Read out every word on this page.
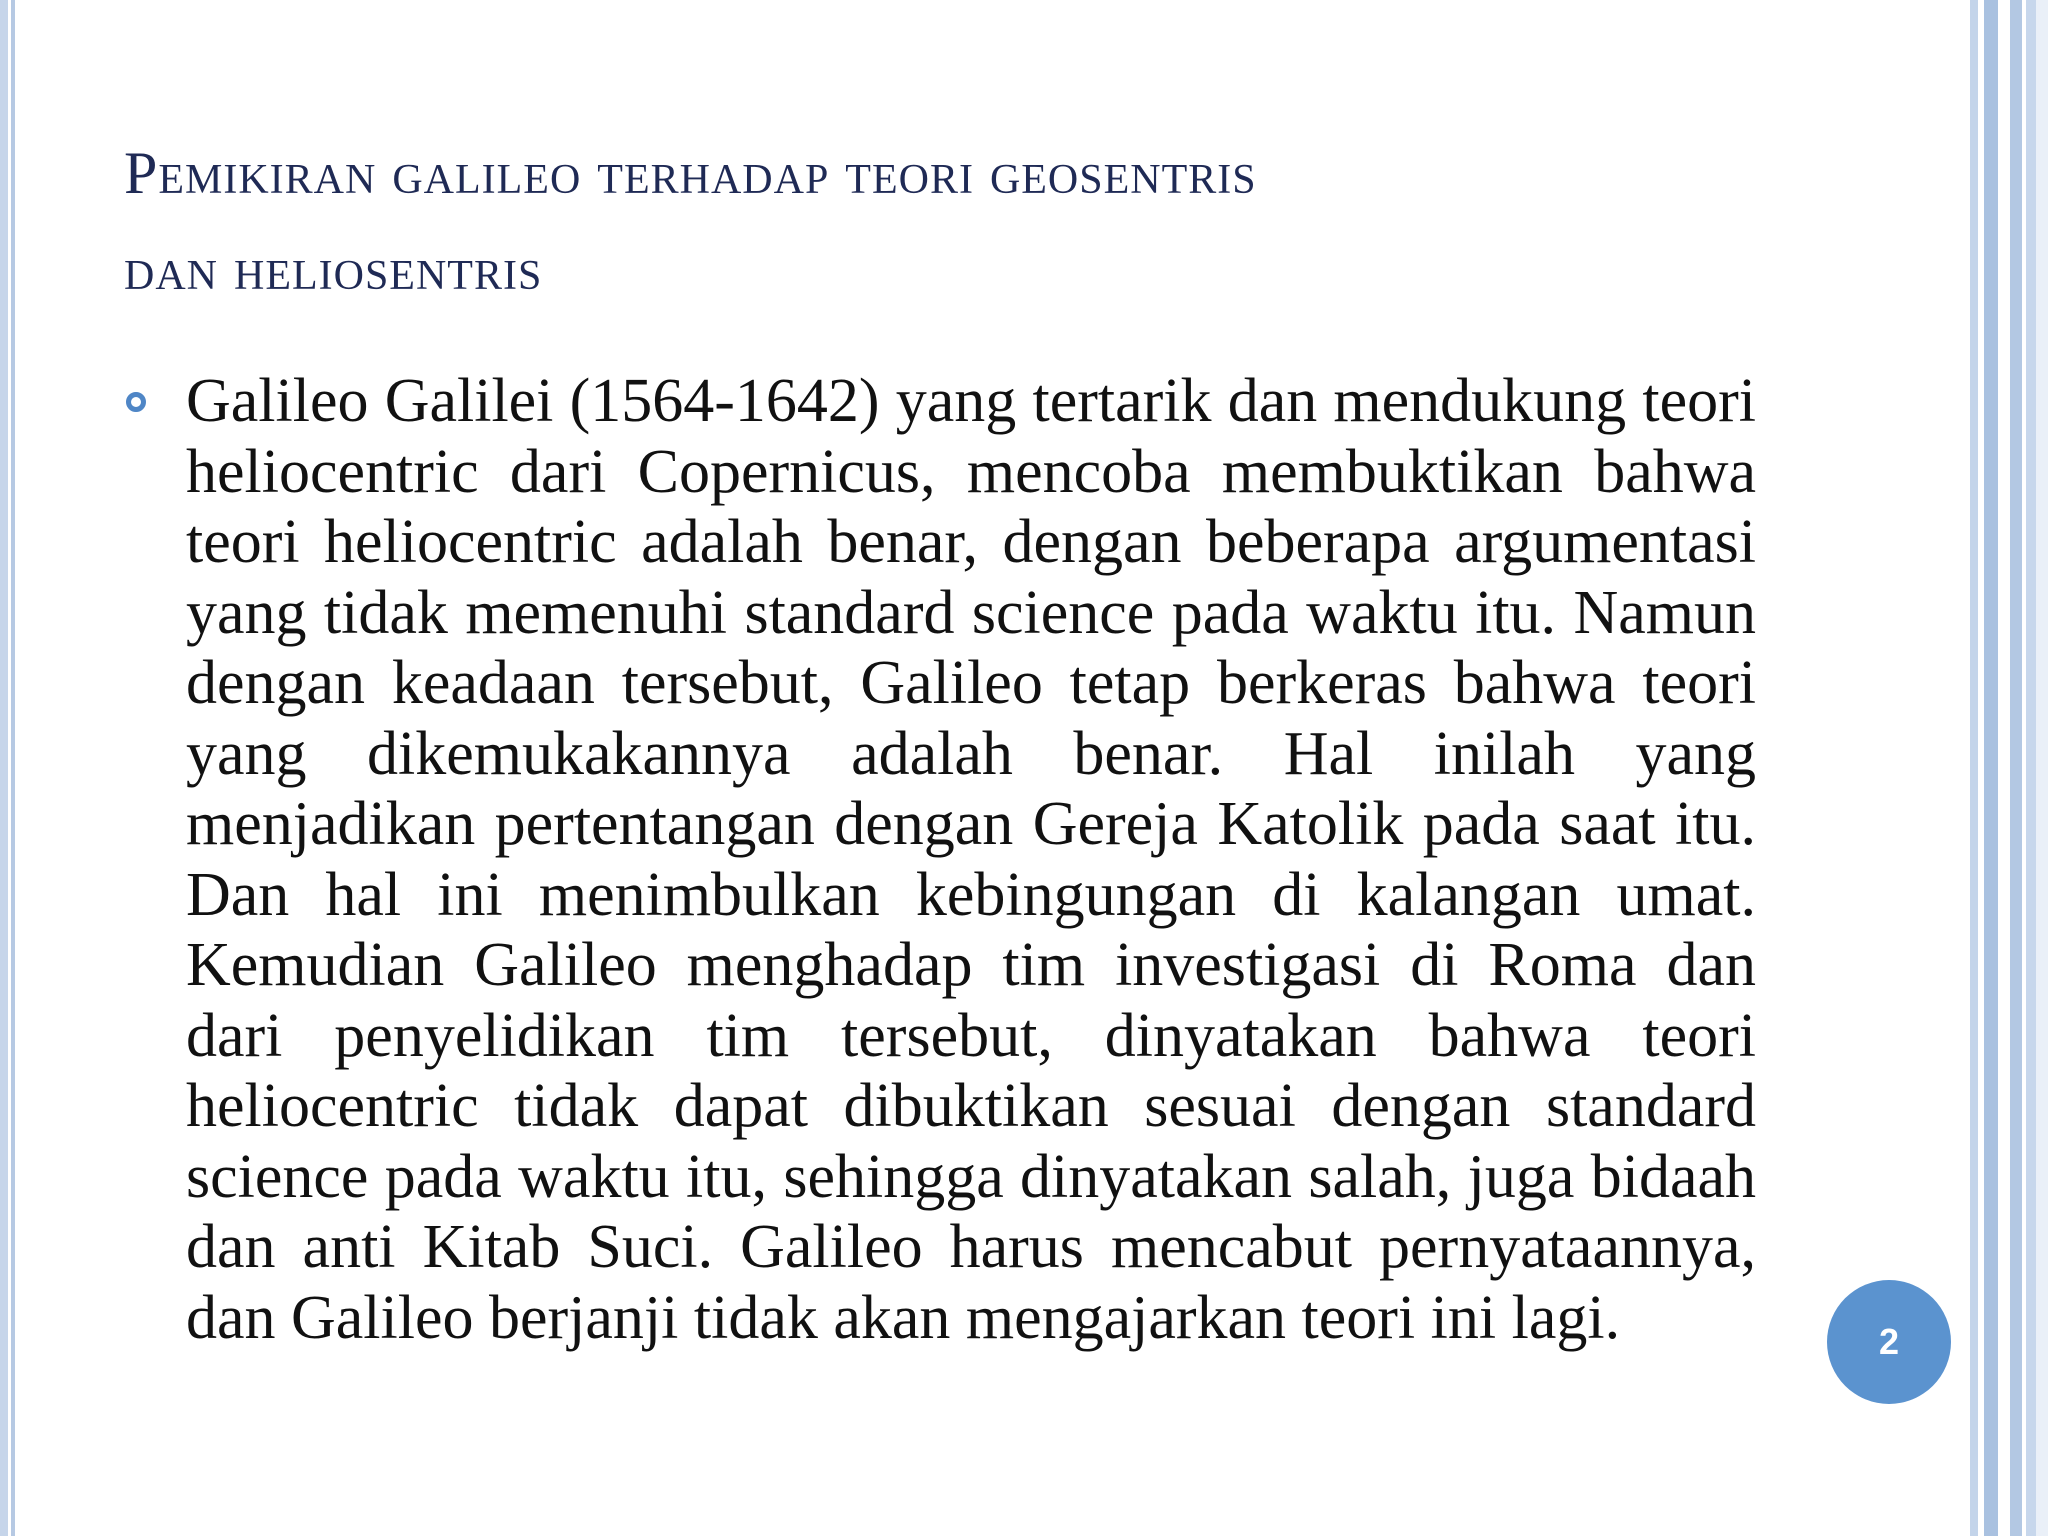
Pemikiran galileo terhadap teori geosentris
dan heliosentris

Galileo Galilei (1564-1642) yang tertarik dan mendukung teori heliocentric dari Copernicus, mencoba membuktikan bahwa teori heliocentric adalah benar, dengan beberapa argumentasi yang tidak memenuhi standard science pada waktu itu. Namun dengan keadaan tersebut, Galileo tetap berkeras bahwa teori yang dikemukakannya adalah benar. Hal inilah yang menjadikan pertentangan dengan Gereja Katolik pada saat itu. Dan hal ini menimbulkan kebingungan di kalangan umat. Kemudian Galileo menghadap tim investigasi di Roma dan dari penyelidikan tim tersebut, dinyatakan bahwa teori heliocentric tidak dapat dibuktikan sesuai dengan standard science pada waktu itu, sehingga dinyatakan salah, juga bidaah dan anti Kitab Suci. Galileo harus mencabut pernyataannya, dan Galileo berjanji tidak akan mengajarkan teori ini lagi.	2
